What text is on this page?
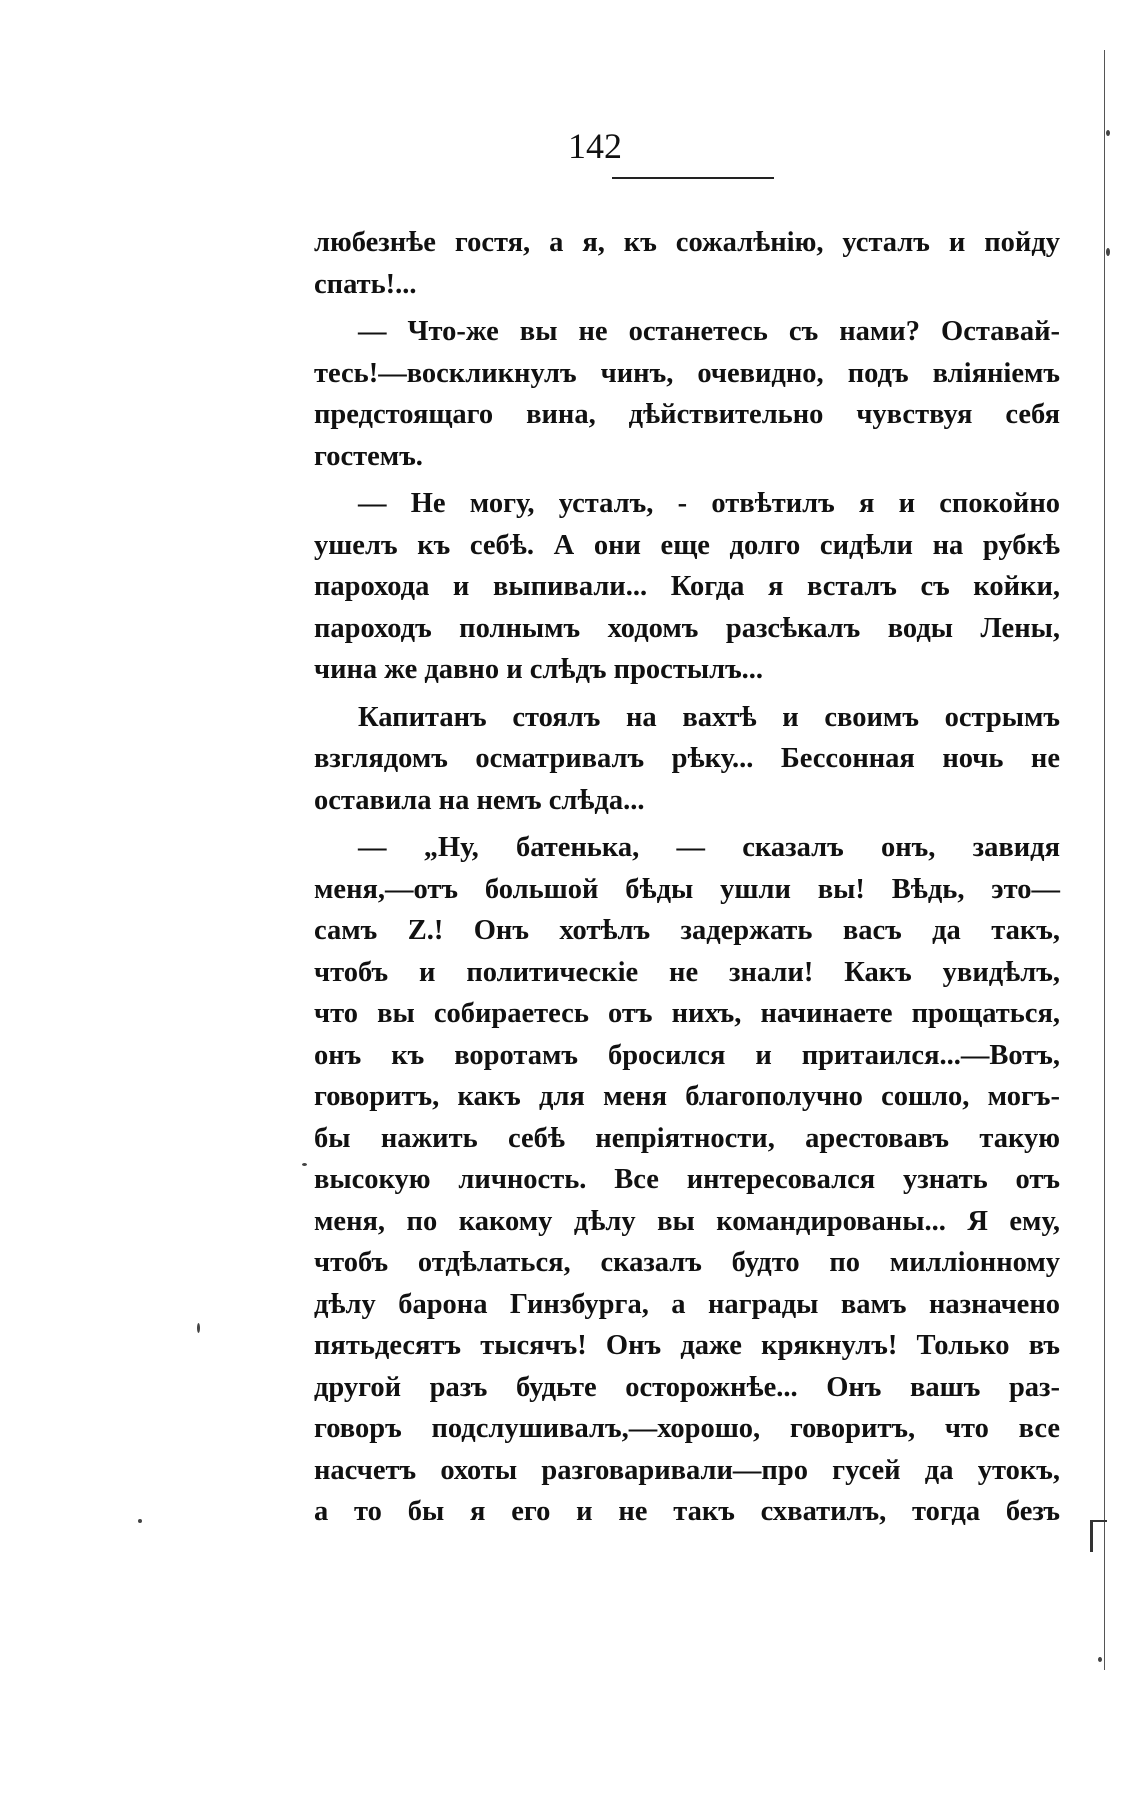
142
любезнѣе гостя, а я, къ сожалѣнію, усталъ и пойду
спать!...
— Что-же вы не останетесь съ нами? Оставай-
тесь!—воскликнулъ чинъ, очевидно, подъ вліяніемъ
предстоящаго вина, дѣйствительно чувствуя себя
гостемъ.
— Не могу, усталъ, - отвѣтилъ я и спокойно
ушелъ къ себѣ. А они еще долго сидѣли на рубкѣ
парохода и выпивали... Когда я всталъ съ койки,
пароходъ полнымъ ходомъ разсѣкалъ воды Лены,
чина же давно и слѣдъ простылъ...
Капитанъ стоялъ на вахтѣ и своимъ острымъ
взглядомъ осматривалъ рѣку... Бессонная ночь не
оставила на немъ слѣда...
— „Ну, батенька, — сказалъ онъ, завидя
меня,—отъ большой бѣды ушли вы! Вѣдь, это—
самъ Z.! Онъ хотѣлъ задержать васъ да такъ,
чтобъ и политическіе не знали! Какъ увидѣлъ,
что вы собираетесь отъ нихъ, начинаете прощаться,
онъ къ воротамъ бросился и притаился...—Вотъ,
говоритъ, какъ для меня благополучно сошло, могъ-
бы нажить себѣ непріятности, арестовавъ такую
высокую личность. Все интересовался узнать отъ
меня, по какому дѣлу вы командированы... Я ему,
чтобъ отдѣлаться, сказалъ будто по милліонному
дѣлу барона Гинзбурга, а награды вамъ назначено
пятьдесятъ тысячъ! Онъ даже крякнулъ! Только въ
другой разъ будьте осторожнѣе... Онъ вашъ раз-
говоръ подслушивалъ,—хорошо, говоритъ, что все
насчетъ охоты разговаривали—про гусей да утокъ,
а то бы я его и не такъ схватилъ, тогда безъ
